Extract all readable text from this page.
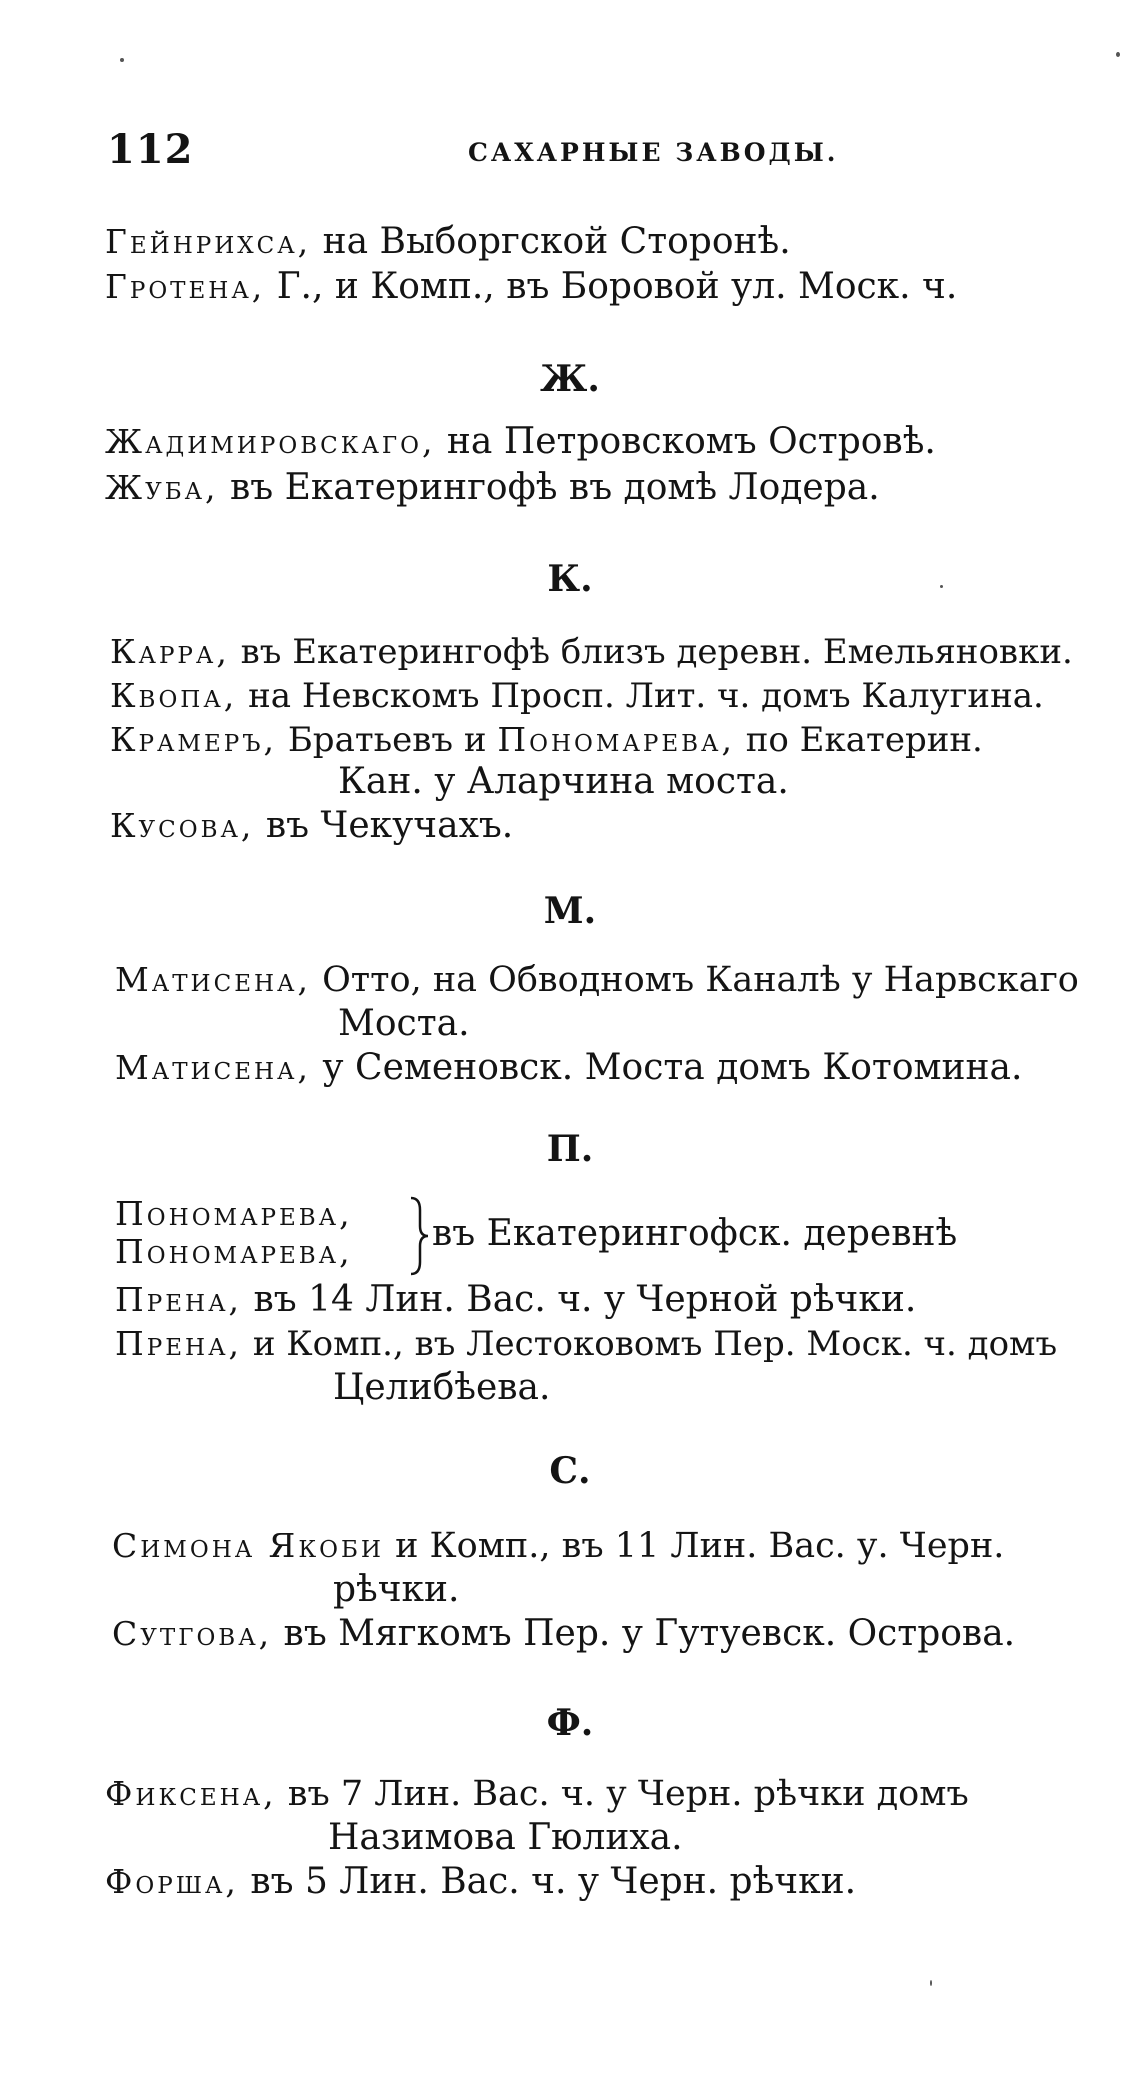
112	САХАРНЫЕ ЗАВОДЫ.
Гейнрихса, на Выборгской Сторонѣ.
Гротена, Г., и Комп., въ Боровой ул. Моск. ч.
Ж.
Жадимировскаго, на Петровскомъ Островѣ.
Жуба, въ Екатерингофѣ въ домѣ Лодера.
К.
Карра, въ Екатерингофѣ близъ деревн. Емельяновки.
Квопа, на Невскомъ Просп. Лит. ч. домъ Калугина.
Крамеръ, Братьевъ и Пономарева, по Екатерин.
Кан. у Аларчина моста.
Кусова, въ Чекучахъ.
М.
Матисена, Отто, на Обводномъ Каналѣ у Нарвскаго
Моста.
Матисена, у Семеновск. Моста домъ Котомина.
П.
Пономарева,
Пономарева, въ Екатерингофск. деревнѣ
Прена, въ 14 Лин. Вас. ч. у Черной рѣчки.
Прена, и Комп., въ Лестоковомъ Пер. Моск. ч. домъ
Целибѣева.
С.
Симона Якоби и Комп., въ 11 Лин. Вас. у. Черн.
рѣчки.
Сутгова, въ Мягкомъ Пер. у Гутуевск. Острова.
Ф.
Фиксена, въ 7 Лин. Вас. ч. у Черн. рѣчки домъ
Назимова Гюлиха.
Форша, въ 5 Лин. Вас. ч. у Черн. рѣчки.
